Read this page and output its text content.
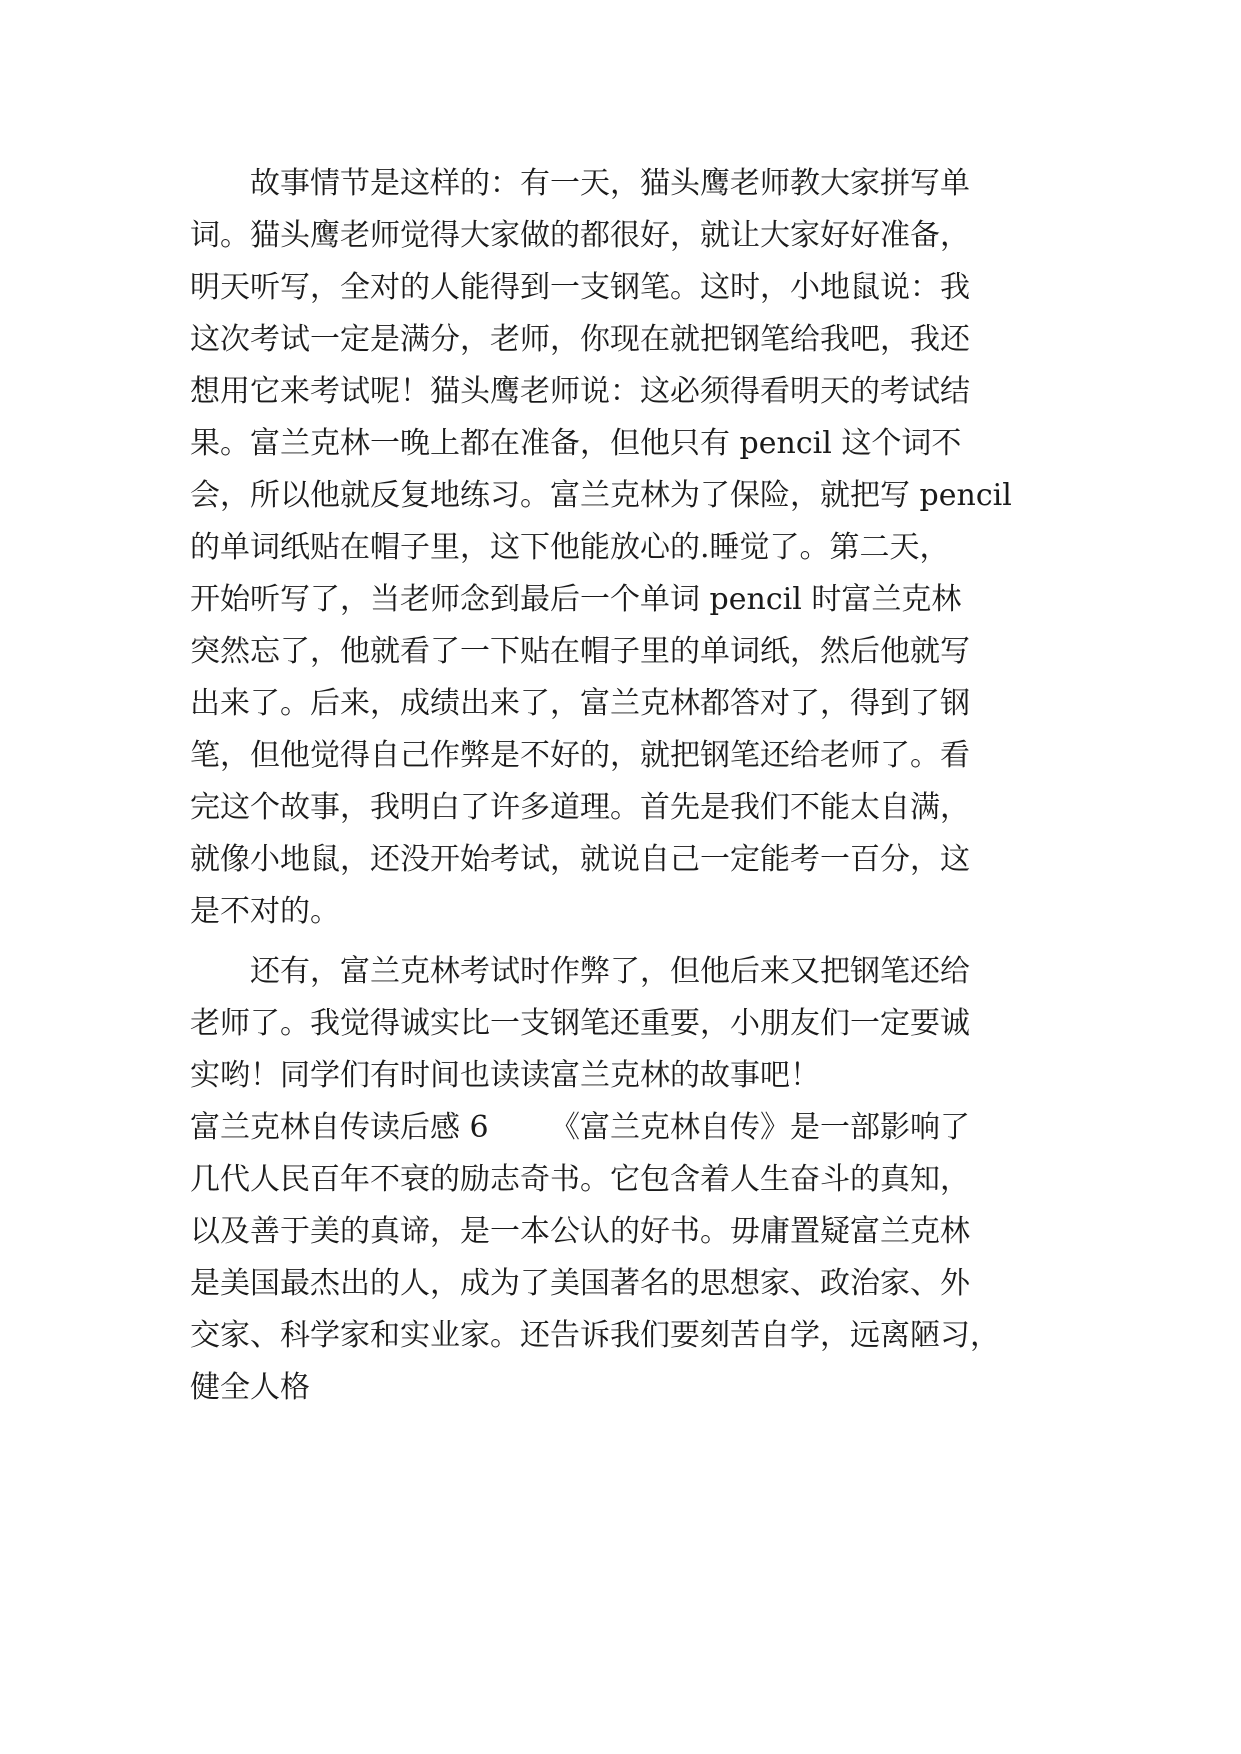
故事情节是这样的：有一天，猫头鹰老师教大家拼写单
词。猫头鹰老师觉得大家做的都很好，就让大家好好准备，
明天听写，全对的人能得到一支钢笔。这时，小地鼠说：我
这次考试一定是满分，老师，你现在就把钢笔给我吧，我还
想用它来考试呢！猫头鹰老师说：这必须得看明天的考试结
果。富兰克林一晚上都在准备，但他只有 pencil 这个词不
会，所以他就反复地练习。富兰克林为了保险，就把写 pencil
的单词纸贴在帽子里，这下他能放心的.睡觉了。第二天，
开始听写了，当老师念到最后一个单词 pencil 时富兰克林
突然忘了，他就看了一下贴在帽子里的单词纸，然后他就写
出来了。后来，成绩出来了，富兰克林都答对了，得到了钢
笔，但他觉得自己作弊是不好的，就把钢笔还给老师了。看
完这个故事，我明白了许多道理。首先是我们不能太自满，
就像小地鼠，还没开始考试，就说自己一定能考一百分，这
是不对的。
还有，富兰克林考试时作弊了，但他后来又把钢笔还给
老师了。我觉得诚实比一支钢笔还重要，小朋友们一定要诚
实哟！同学们有时间也读读富兰克林的故事吧！
富兰克林自传读后感 6 《富兰克林自传》是一部影响了
几代人民百年不衰的励志奇书。它包含着人生奋斗的真知，
以及善于美的真谛，是一本公认的好书。毋庸置疑富兰克林
是美国最杰出的人，成为了美国著名的思想家、政治家、外
交家、科学家和实业家。还告诉我们要刻苦自学，远离陋习，
健全人格
